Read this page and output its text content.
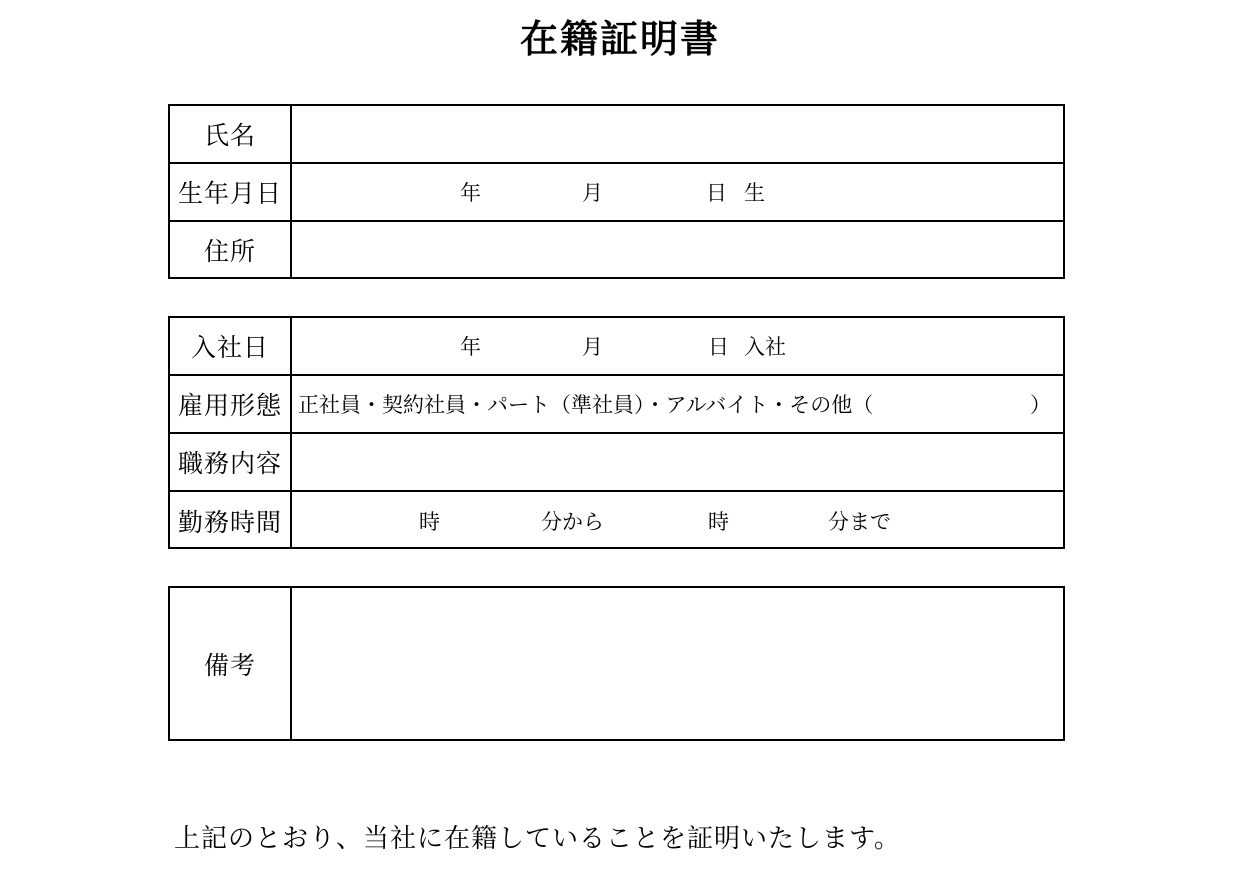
在籍証明書
氏名
生年月日	年	月	日 生
住所
入社日	年	月	日 入社
雇用形態 正社員・契約社員・パート（準社員）・アルバイト・その他（	）
職務内容
勤務時間	時	分から	時	分まで
備考
上記のとおり、当社に在籍していることを証明いたします。
